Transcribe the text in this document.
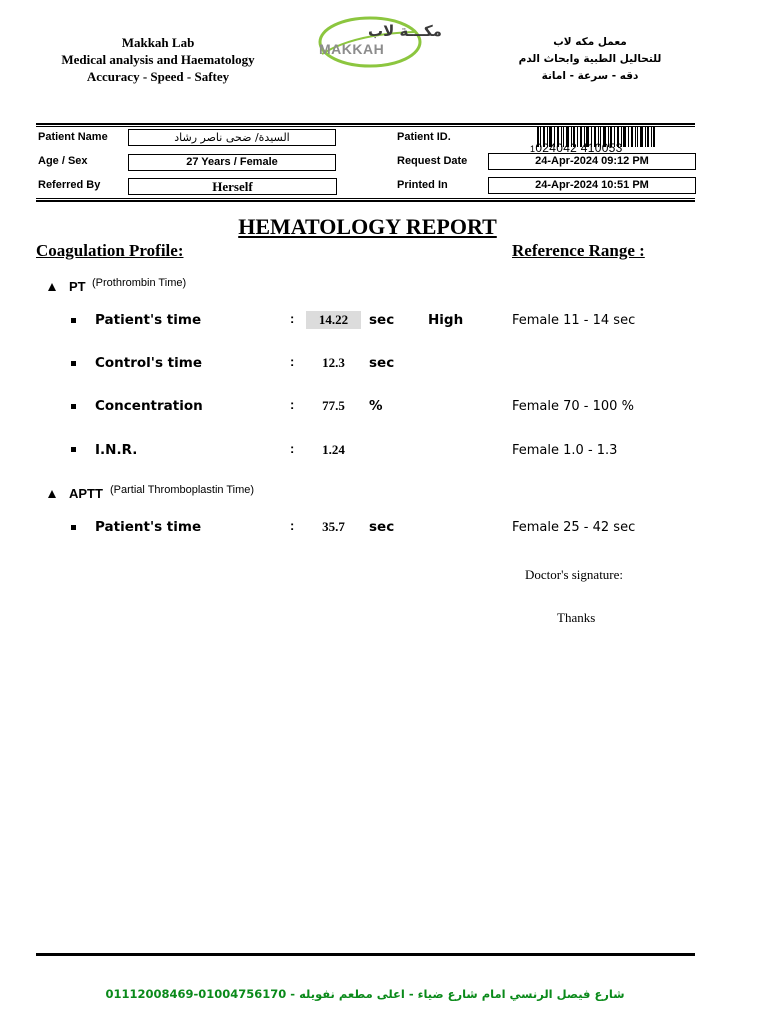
Makkah Lab
Medical analysis and Haematology
Accuracy - Speed - Saftey
مكـــة لاب
MAKKAH	معمل مكه لاب
للتحاليل الطبية وابحاث الدم
دقه - سرعة - امانة
Patient Name	السيدة/ ضحى ناصر رشاد
Age / Sex	27 Years / Female
Referred By	Herself
Patient ID.
1024042 410053
Request Date	24-Apr-2024 09:12 PM
Printed In	24-Apr-2024 10:51 PM
HEMATOLOGY REPORT
Coagulation Profile:	Reference Range :
PT (Prothrombin Time)
Patient's time	:	14.22	sec	High	Female 11 - 14 sec
Control's time	:	12.3	sec
Concentration	:	77.5	%	Female 70 - 100 %
I.N.R.	:	1.24	Female 1.0 - 1.3
APTT (Partial Thromboplastin Time)
Patient's time	:	35.7	sec	Female 25 - 42 sec
Doctor's signature:
Thanks
شارع فيصل الرنسي امام شارع ضياء - اعلى مطعم نفويله - 01004756170-01112008469
